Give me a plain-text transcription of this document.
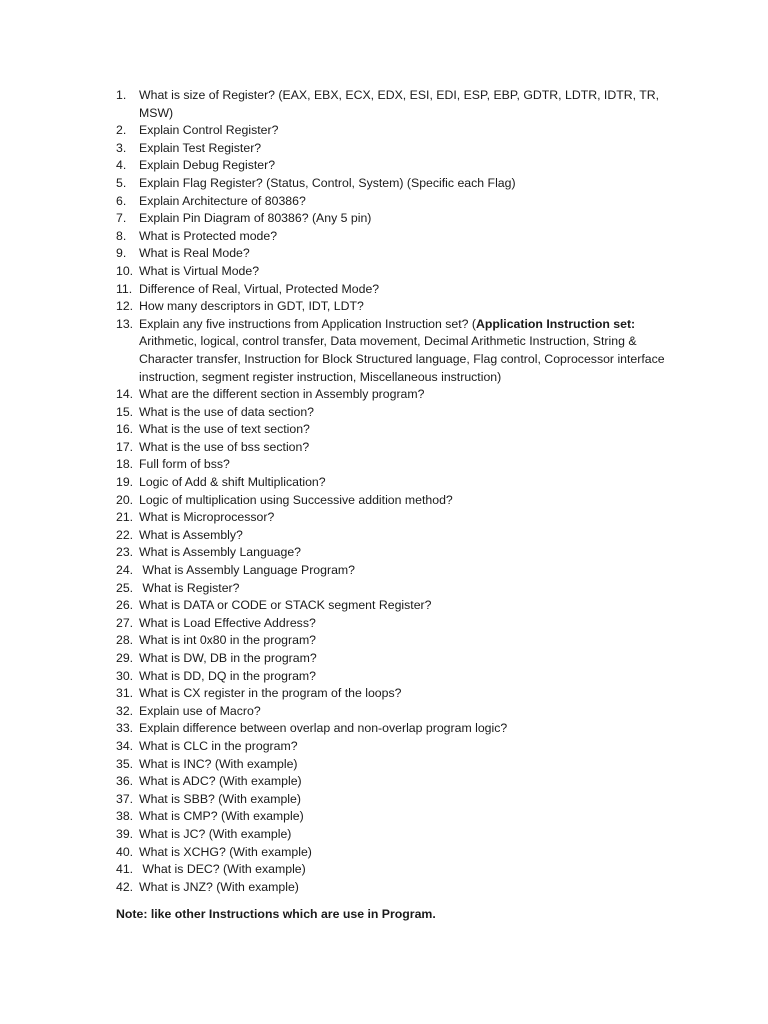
1.	What is size of Register? (EAX, EBX, ECX, EDX, ESI, EDI, ESP, EBP, GDTR, LDTR, IDTR, TR, MSW)
2.	Explain Control Register?
3.	Explain Test Register?
4.	Explain Debug Register?
5.	Explain Flag Register? (Status, Control, System) (Specific each Flag)
6.	Explain Architecture of 80386?
7.	Explain Pin Diagram of 80386? (Any 5 pin)
8.	What is Protected mode?
9.	What is Real Mode?
10. What is Virtual Mode?
11. Difference of Real, Virtual, Protected Mode?
12. How many descriptors in GDT, IDT, LDT?
13. Explain any five instructions from Application Instruction set? (Application Instruction set: Arithmetic, logical, control transfer, Data movement, Decimal Arithmetic Instruction, String & Character transfer, Instruction for Block Structured language, Flag control, Coprocessor interface instruction, segment register instruction, Miscellaneous instruction)
14. What are the different section in Assembly program?
15. What is the use of data section?
16. What is the use of text section?
17. What is the use of bss section?
18. Full form of bss?
19. Logic of Add & shift Multiplication?
20. Logic of multiplication using Successive addition method?
21. What is Microprocessor?
22. What is Assembly?
23. What is Assembly Language?
24. What is Assembly Language Program?
25. What is Register?
26. What is DATA or CODE or STACK segment Register?
27. What is Load Effective Address?
28. What is int 0x80 in the program?
29. What is DW, DB in the program?
30. What is DD, DQ in the program?
31. What is CX register in the program of the loops?
32. Explain use of Macro?
33. Explain difference between overlap and non-overlap program logic?
34. What is CLC in the program?
35. What is INC? (With example)
36. What is ADC? (With example)
37. What is SBB? (With example)
38. What is CMP? (With example)
39. What is JC? (With example)
40. What is XCHG? (With example)
41. What is DEC? (With example)
42. What is JNZ? (With example)

Note: like other Instructions which are use in Program.
